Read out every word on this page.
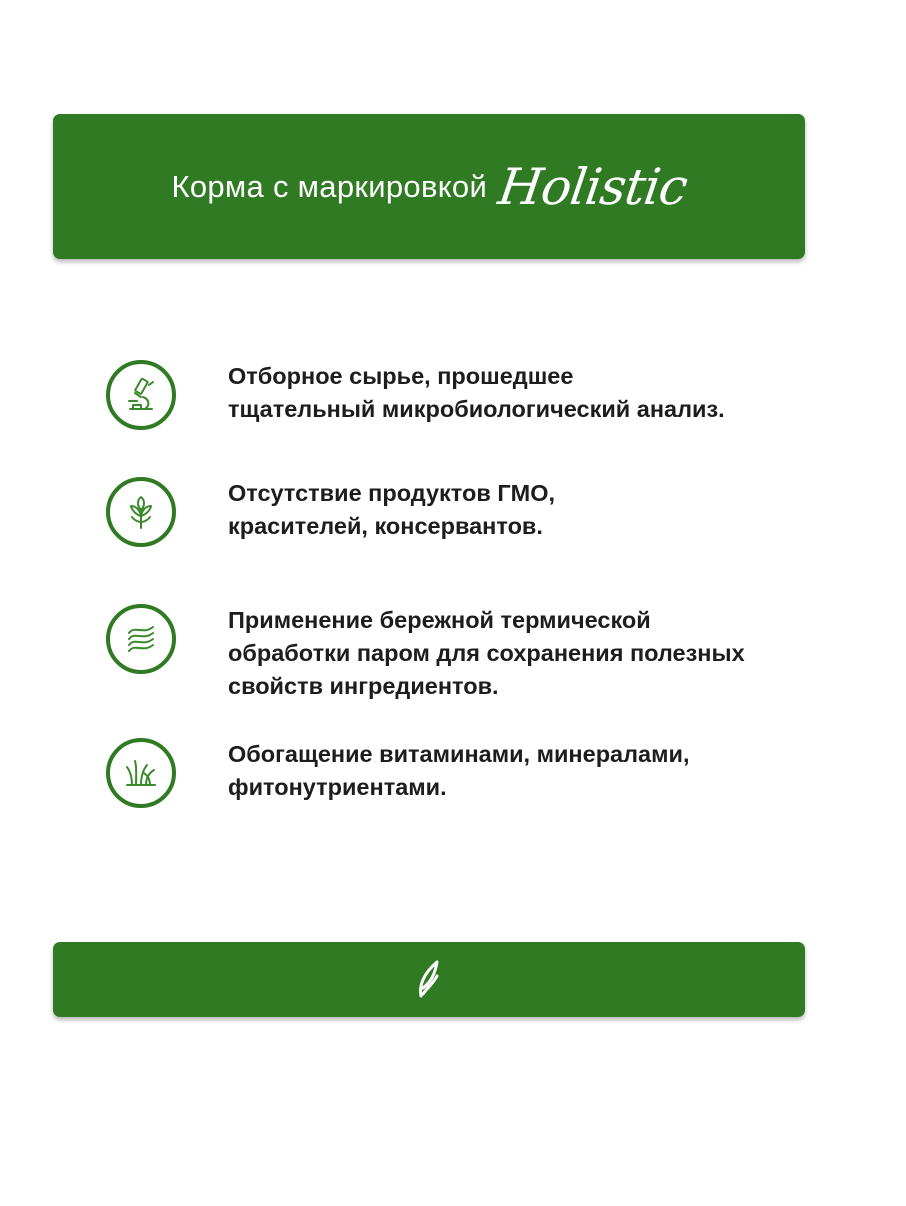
Корма с маркировкой Holistic
Отборное сырье, прошедшее
тщательный микробиологический анализ.
Отсутствие продуктов ГМО,
красителей, консервантов.
Применение бережной термической
обработки паром для сохранения полезных
свойств ингредиентов.
Обогащение витаминами, минералами,
фитонутриентами.
